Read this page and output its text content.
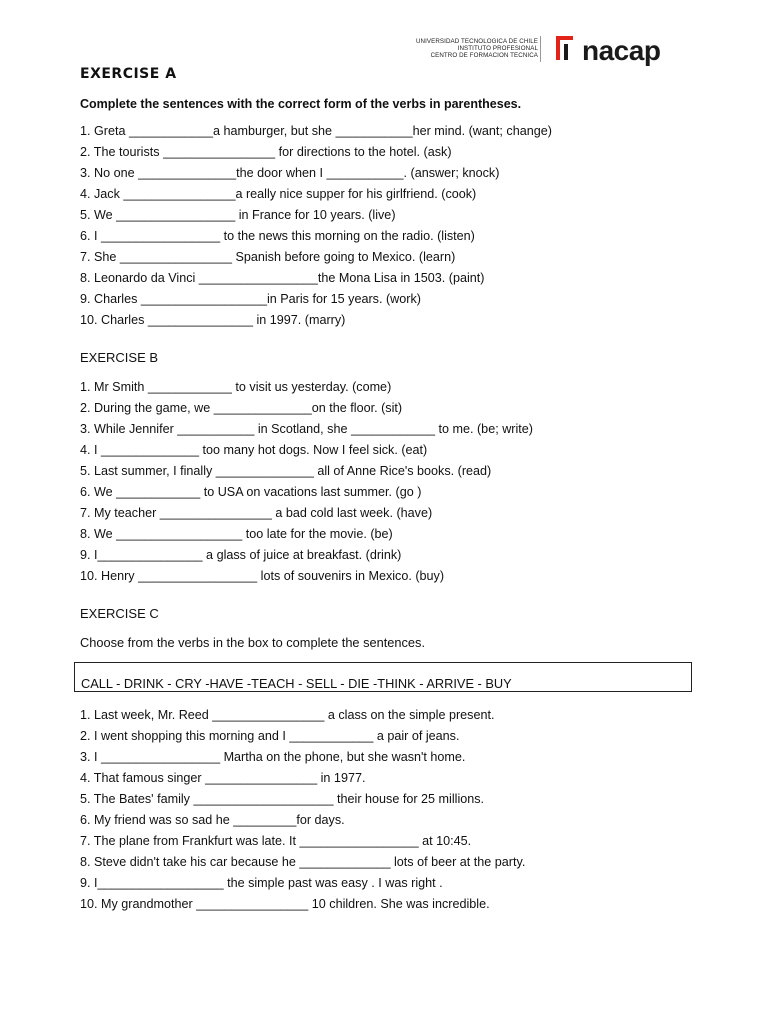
UNIVERSIDAD TECNOLOGICA DE CHILE
INSTITUTO PROFESIONAL
CENTRO DE FORMACION TECNICA nacap
EXERCISE A
Complete the sentences with the correct form of the verbs in parentheses.
1. Greta ____________a hamburger, but she ___________her mind. (want; change)
2. The tourists ________________ for directions to the hotel. (ask)
3. No one ______________the door when I ___________. (answer; knock)
4. Jack ________________a really nice supper for his girlfriend. (cook)
5. We _________________ in France for 10 years. (live)
6. I _________________ to the news this morning on the radio. (listen)
7. She ________________ Spanish before going to Mexico. (learn)
8. Leonardo da Vinci _________________the Mona Lisa in 1503. (paint)
9. Charles __________________in Paris for 15 years. (work)
10. Charles _______________ in 1997. (marry)
EXERCISE B
1. Mr Smith ____________ to visit us yesterday. (come)
2. During the game, we ______________on the floor. (sit)
3. While Jennifer ___________ in Scotland, she ____________ to me. (be; write)
4. I ______________ too many hot dogs. Now I feel sick. (eat)
5. Last summer, I finally ______________ all of Anne Rice's books. (read)
6. We ____________ to USA on vacations last summer. (go )
7. My teacher ________________ a bad cold last week. (have)
8. We __________________ too late for the movie. (be)
9. I_______________ a glass of juice at breakfast. (drink)
10. Henry _________________ lots of souvenirs in Mexico. (buy)
EXERCISE C
Choose from the verbs in the box to complete the sentences.
CALL - DRINK - CRY -HAVE -TEACH - SELL - DIE -THINK - ARRIVE - BUY
1. Last week, Mr. Reed ________________ a class on the simple present.
2. I went shopping this morning and I ____________ a pair of jeans.
3. I _________________ Martha on the phone, but she wasn't home.
4. That famous singer ________________ in 1977.
5. The Bates' family ____________________ their house for 25 millions.
6. My friend was so sad he _________for days.
7. The plane from Frankfurt was late. It _________________ at 10:45.
8. Steve didn't take his car because he _____________ lots of beer at the party.
9. I__________________ the simple past was easy . I was right .
10. My grandmother ________________ 10 children. She was incredible.
